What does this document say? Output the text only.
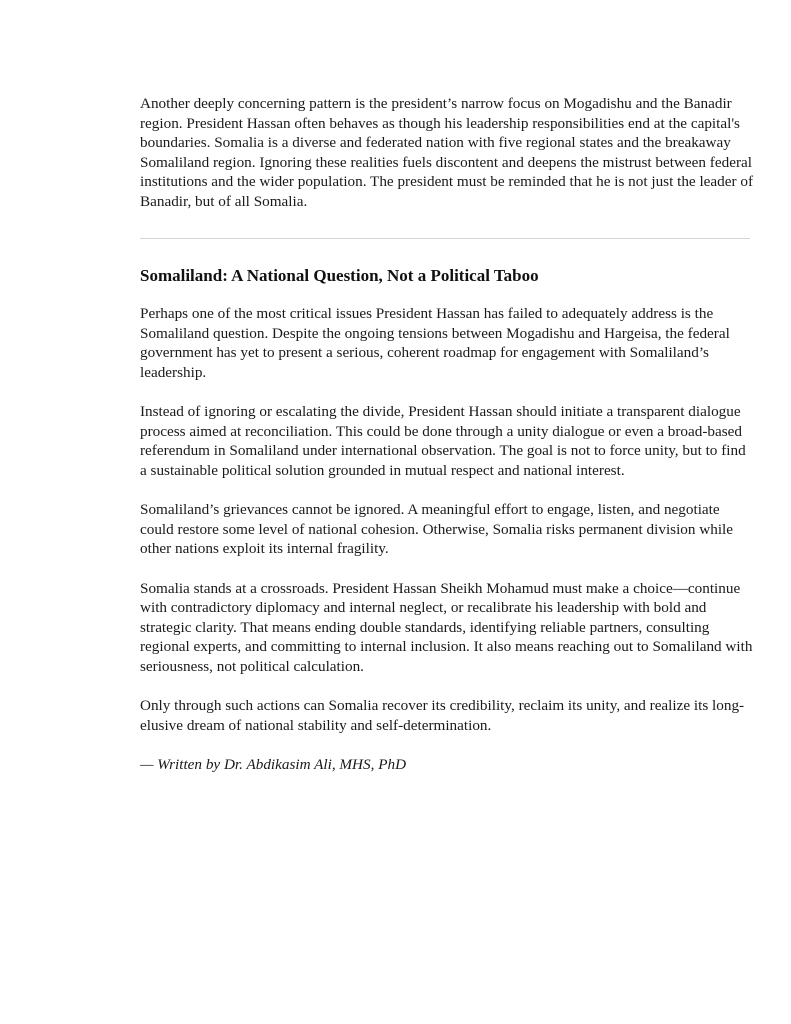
Another deeply concerning pattern is the president’s narrow focus on Mogadishu and the Banadir region. President Hassan often behaves as though his leadership responsibilities end at the capital's boundaries. Somalia is a diverse and federated nation with five regional states and the breakaway Somaliland region. Ignoring these realities fuels discontent and deepens the mistrust between federal institutions and the wider population. The president must be reminded that he is not just the leader of Banadir, but of all Somalia.

Somaliland: A National Question, Not a Political Taboo

Perhaps one of the most critical issues President Hassan has failed to adequately address is the Somaliland question. Despite the ongoing tensions between Mogadishu and Hargeisa, the federal government has yet to present a serious, coherent roadmap for engagement with Somaliland’s leadership.

Instead of ignoring or escalating the divide, President Hassan should initiate a transparent dialogue process aimed at reconciliation. This could be done through a unity dialogue or even a broad-based referendum in Somaliland under international observation. The goal is not to force unity, but to find a sustainable political solution grounded in mutual respect and national interest.

Somaliland’s grievances cannot be ignored. A meaningful effort to engage, listen, and negotiate could restore some level of national cohesion. Otherwise, Somalia risks permanent division while other nations exploit its internal fragility.

Somalia stands at a crossroads. President Hassan Sheikh Mohamud must make a choice—continue with contradictory diplomacy and internal neglect, or recalibrate his leadership with bold and strategic clarity. That means ending double standards, identifying reliable partners, consulting regional experts, and committing to internal inclusion. It also means reaching out to Somaliland with seriousness, not political calculation.

Only through such actions can Somalia recover its credibility, reclaim its unity, and realize its long-elusive dream of national stability and self-determination.

— Written by Dr. Abdikasim Ali, MHS, PhD
